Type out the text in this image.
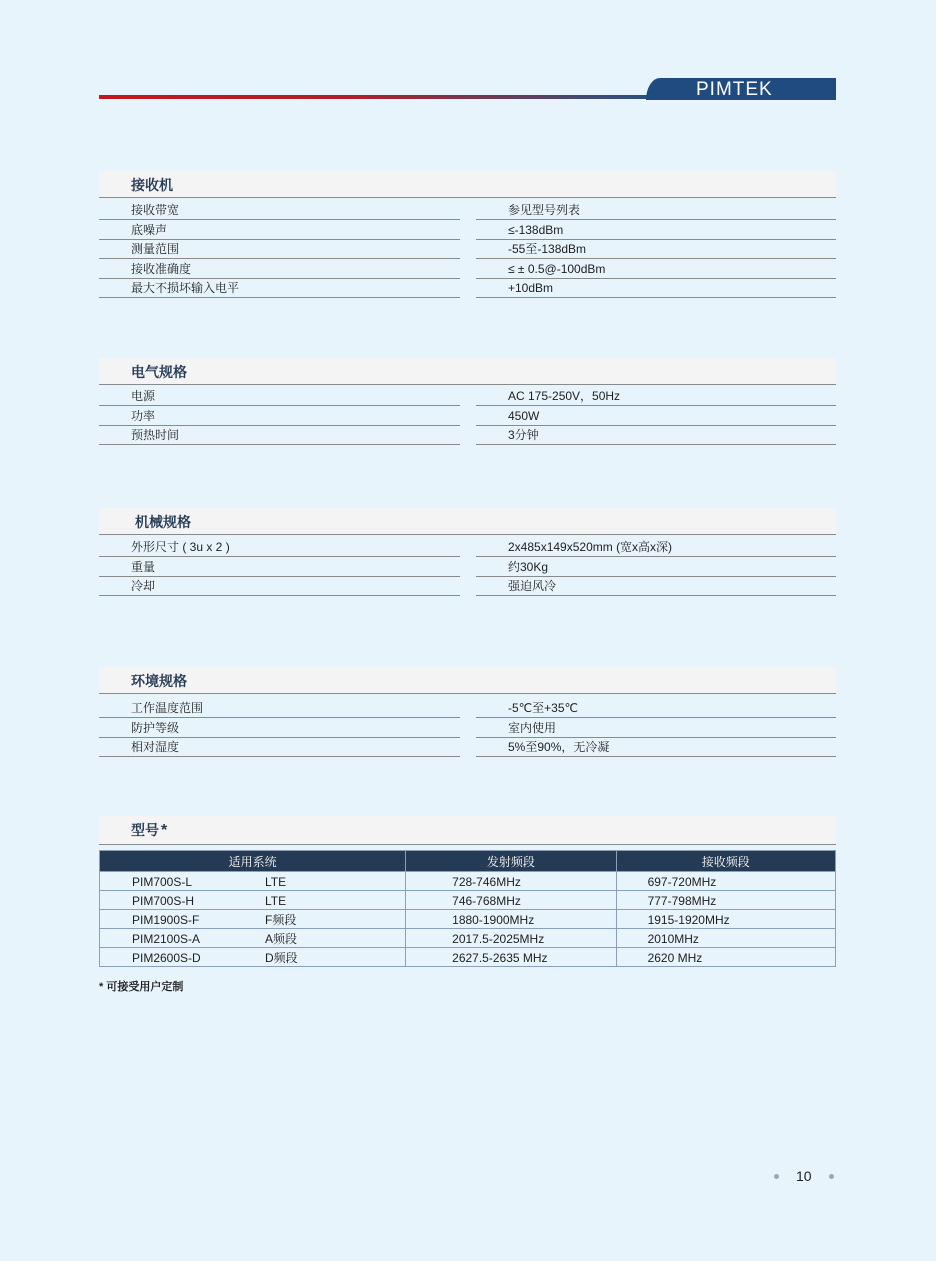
PIMTEK
接收机
接收带宽	参见型号列表
底噪声	≤-138dBm
测量范围	-55至-138dBm
接收准确度	≤ ± 0.5@-100dBm
最大不损坏输入电平	+10dBm
电气规格
电源	AC 175-250V，50Hz
功率	450W
预热时间	3分钟
机械规格
外形尺寸 ( 3u x 2 )	2x485x149x520mm (宽x高x深)
重量	约30Kg
冷却	强迫风冷
环境规格
工作温度范围	-5℃至+35℃
防护等级	室内使用
相对湿度	5%至90%，无冷凝
型号 *
适用系统	发射频段	接收频段

PIM700S-L LTE	728-746MHz	697-720MHz

PIM700S-H LTE	746-768MHz	777-798MHz

PIM1900S-F F频段	1880-1900MHz	1915-1920MHz

PIM2100S-A A频段	2017.5-2025MHz	2010MHz

PIM2600S-D D频段	2627.5-2635 MHz	2620 MHz
* 可接受用户定制
10
